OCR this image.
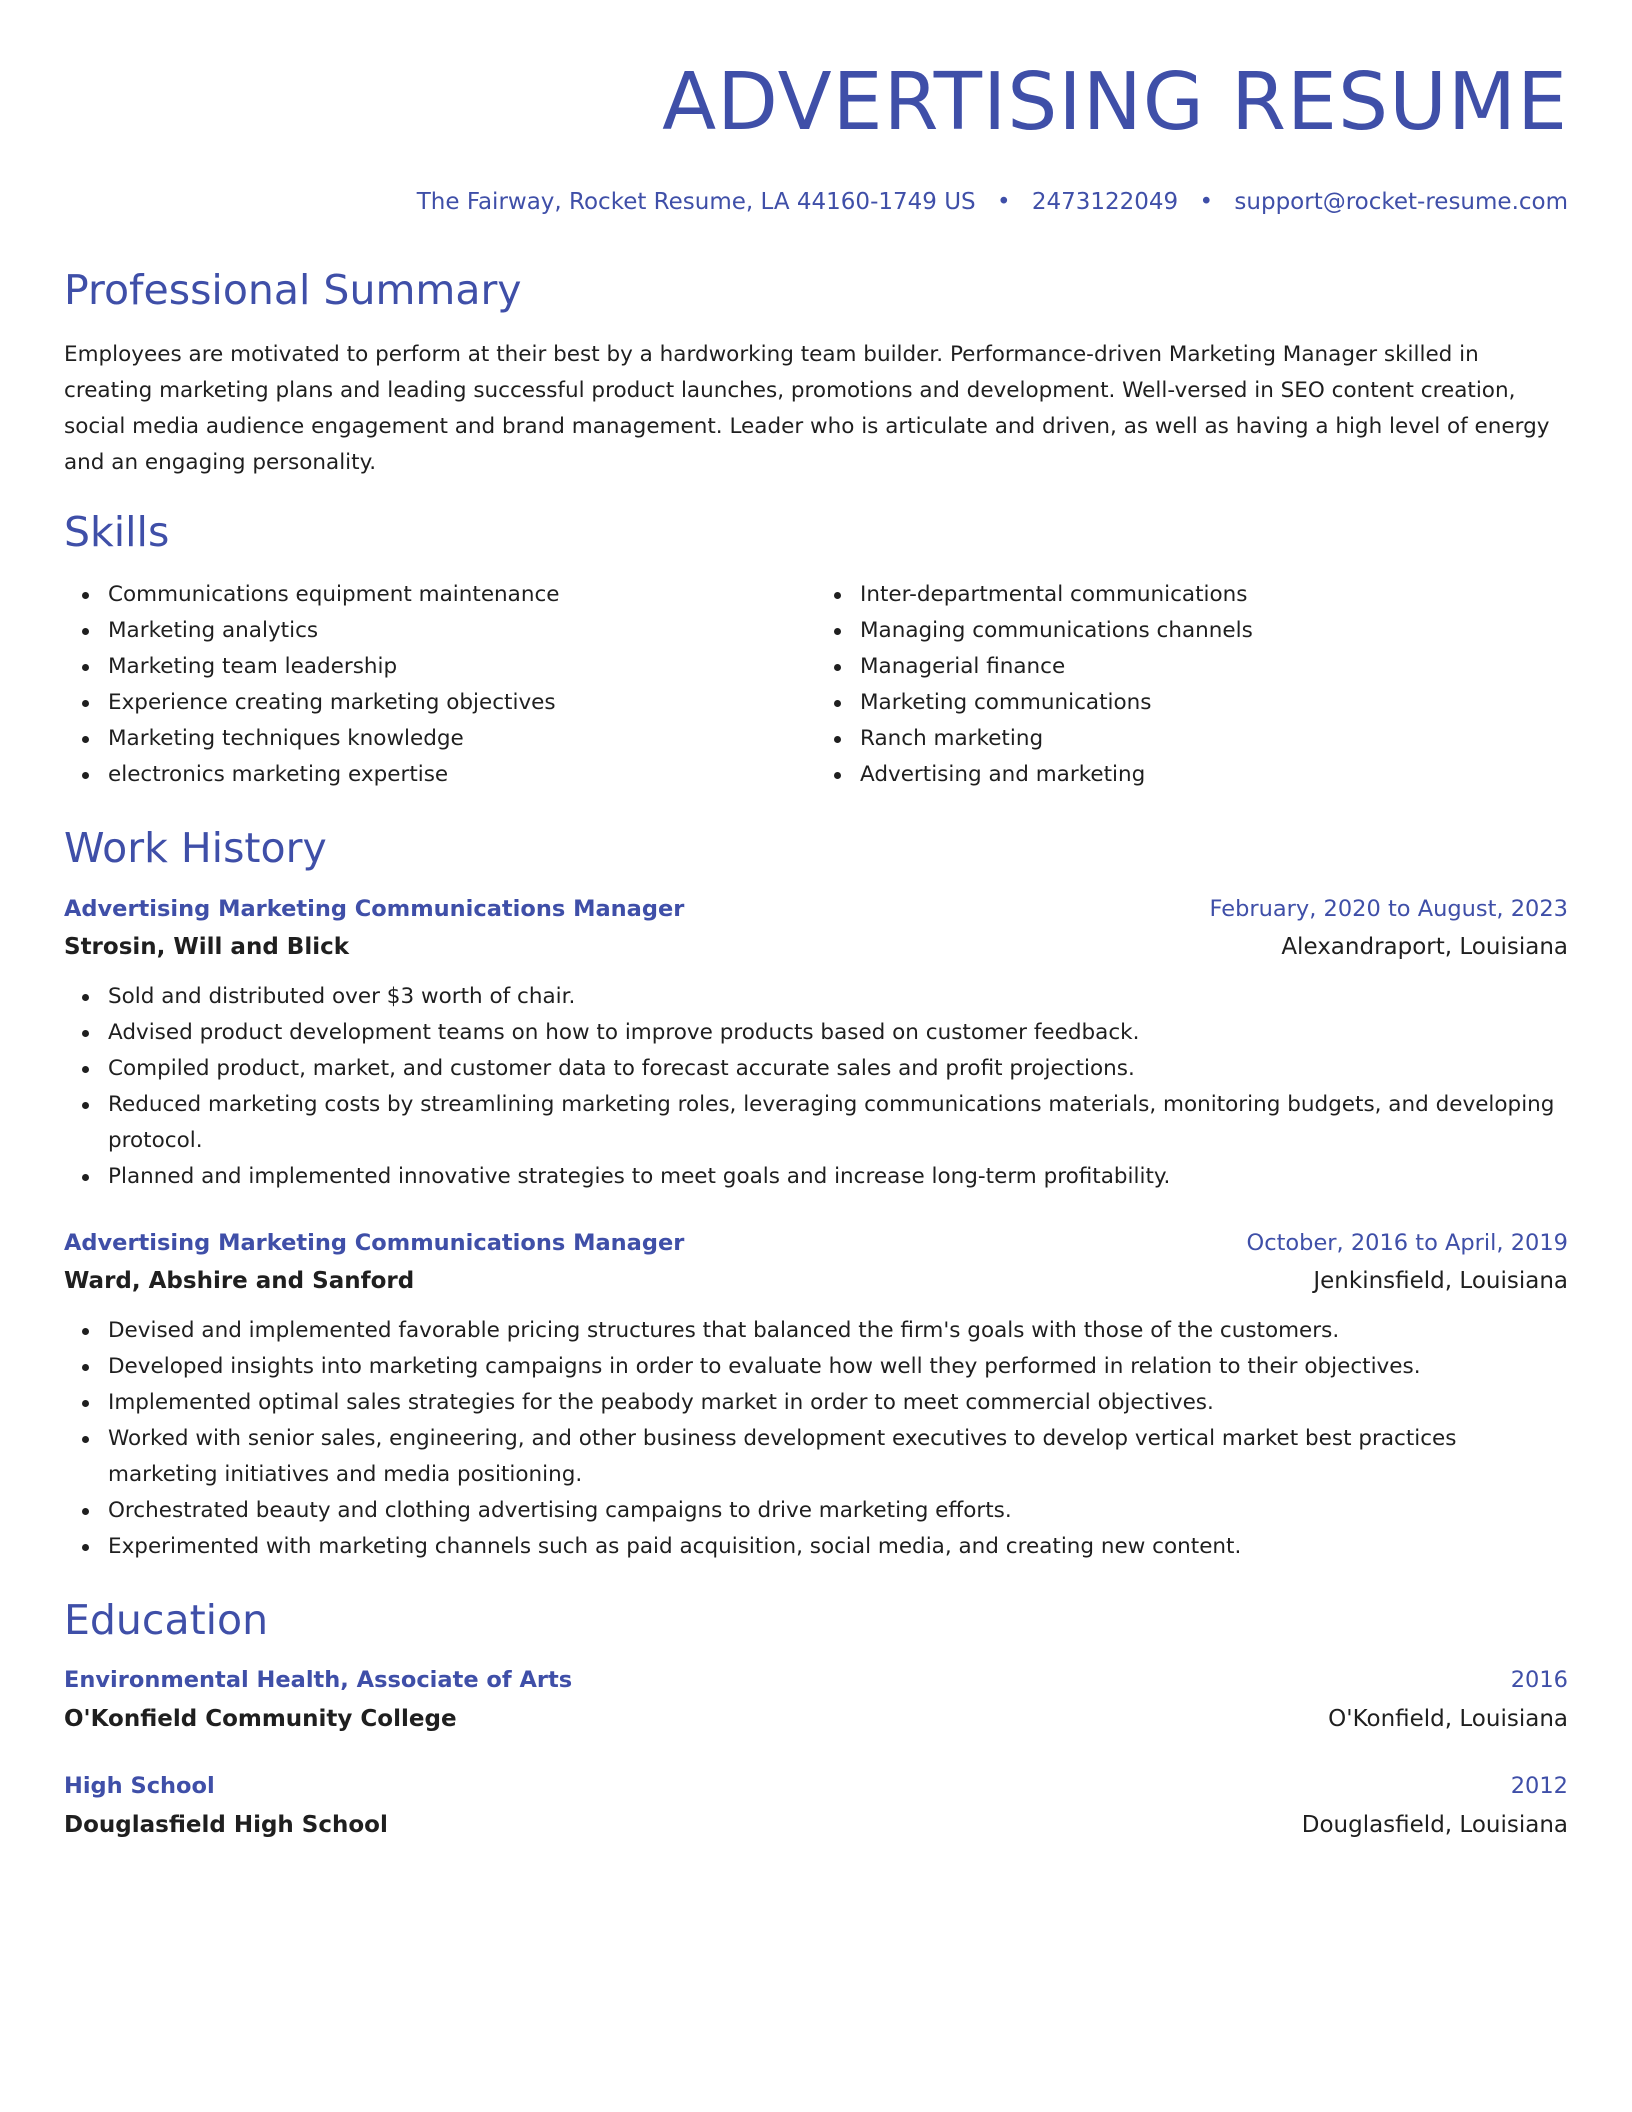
ADVERTISING RESUME
The Fairway, Rocket Resume, LA 44160-1749 US • 2473122049 • support@rocket-resume.com
Professional Summary

Employees are motivated to perform at their best by a hardworking team builder. Performance-driven Marketing Manager skilled in creating marketing plans and leading successful product launches, promotions and development. Well-versed in SEO content creation, social media audience engagement and brand management. Leader who is articulate and driven, as well as having a high level of energy and an engaging personality.

Skills
Communications equipment maintenance
Marketing analytics
Marketing team leadership
Experience creating marketing objectives
Marketing techniques knowledge
electronics marketing expertise
Inter-departmental communications
Managing communications channels
Managerial finance
Marketing communications
Ranch marketing
Advertising and marketing
Work History
Advertising Marketing Communications Manager	February, 2020 to August, 2023
Strosin, Will and Blick	Alexandraport, Louisiana
Sold and distributed over $3 worth of chair.
Advised product development teams on how to improve products based on customer feedback.
Compiled product, market, and customer data to forecast accurate sales and profit projections.
Reduced marketing costs by streamlining marketing roles, leveraging communications materials, monitoring budgets, and developing protocol.
Planned and implemented innovative strategies to meet goals and increase long-term profitability.
Advertising Marketing Communications Manager	October, 2016 to April, 2019
Ward, Abshire and Sanford	Jenkinsfield, Louisiana
Devised and implemented favorable pricing structures that balanced the firm's goals with those of the customers.
Developed insights into marketing campaigns in order to evaluate how well they performed in relation to their objectives.
Implemented optimal sales strategies for the peabody market in order to meet commercial objectives.
Worked with senior sales, engineering, and other business development executives to develop vertical market best practices marketing initiatives and media positioning.
Orchestrated beauty and clothing advertising campaigns to drive marketing efforts.
Experimented with marketing channels such as paid acquisition, social media, and creating new content.
Education
Environmental Health, Associate of Arts	2016
O'Konfield Community College	O'Konfield, Louisiana
High School	2012
Douglasfield High School	Douglasfield, Louisiana
